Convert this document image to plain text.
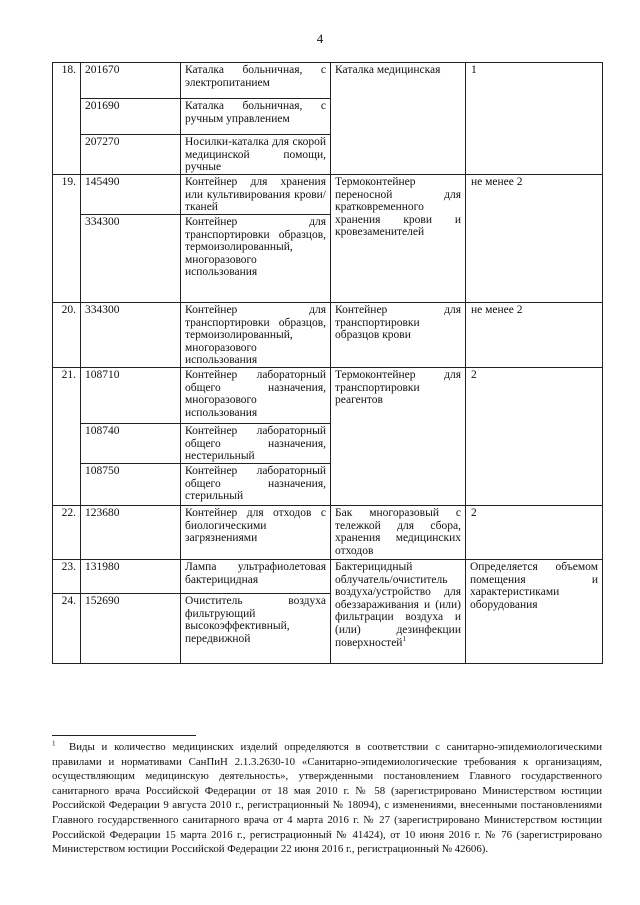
4
18.	201670	Каталка больничная, с электропитанием	Каталка медицинская	1
	201690	Каталка больничная, с ручным управлением		
	207270	Носилки-каталка для скорой медицинской помощи, ручные		
19.	145490	Контейнер для хранения или культивирования крови/тканей	Термоконтейнер переносной для кратковременного хранения крови и кровезаменителей	не менее 2
	334300	Контейнер для транспортировки образцов, термоизолированный, многоразового использования		
20.	334300	Контейнер для транспортировки образцов, термоизолированный, многоразового использования	Контейнер для транспортировки образцов крови	не менее 2
21.	108710	Контейнер лабораторный общего назначения, многоразового использования	Термоконтейнер для транспортировки реагентов	2
	108740	Контейнер лабораторный общего назначения, нестерильный		
	108750	Контейнер лабораторный общего назначения, стерильный		
22.	123680	Контейнер для отходов с биологическими загрязнениями	Бак многоразовый с тележкой для сбора, хранения медицинских отходов	2
23.	131980	Лампа ультрафиолетовая бактерицидная	Бактерицидный облучатель/очиститель воздуха/устройство для обеззараживания и (или) фильтрации воздуха и (или) дезинфекции поверхностей$^1$	Определяется объемом помещения и характеристиками оборудования
24.	152690	Очиститель воздуха фильтрующий высокоэффективный, передвижной		
$^1$ Виды и количество медицинских изделий определяются в соответствии с санитарно-эпидемиологическими правилами и нормативами СанПиН 2.1.3.2630-10 «Санитарно-эпидемиологические требования к организациям, осуществляющим медицинскую деятельность», утвержденными постановлением Главного государственного санитарного врача Российской Федерации от 18 мая 2010 г. № 58 (зарегистрировано Министерством юстиции Российской Федерации 9 августа 2010 г., регистрационный № 18094), с изменениями, внесенными постановлениями Главного государственного санитарного врача от 4 марта 2016 г. № 27 (зарегистрировано Министерством юстиции Российской Федерации 15 марта 2016 г., регистрационный № 41424), от 10 июня 2016 г. № 76 (зарегистрировано Министерством юстиции Российской Федерации 22 июня 2016 г., регистрационный № 42606).
